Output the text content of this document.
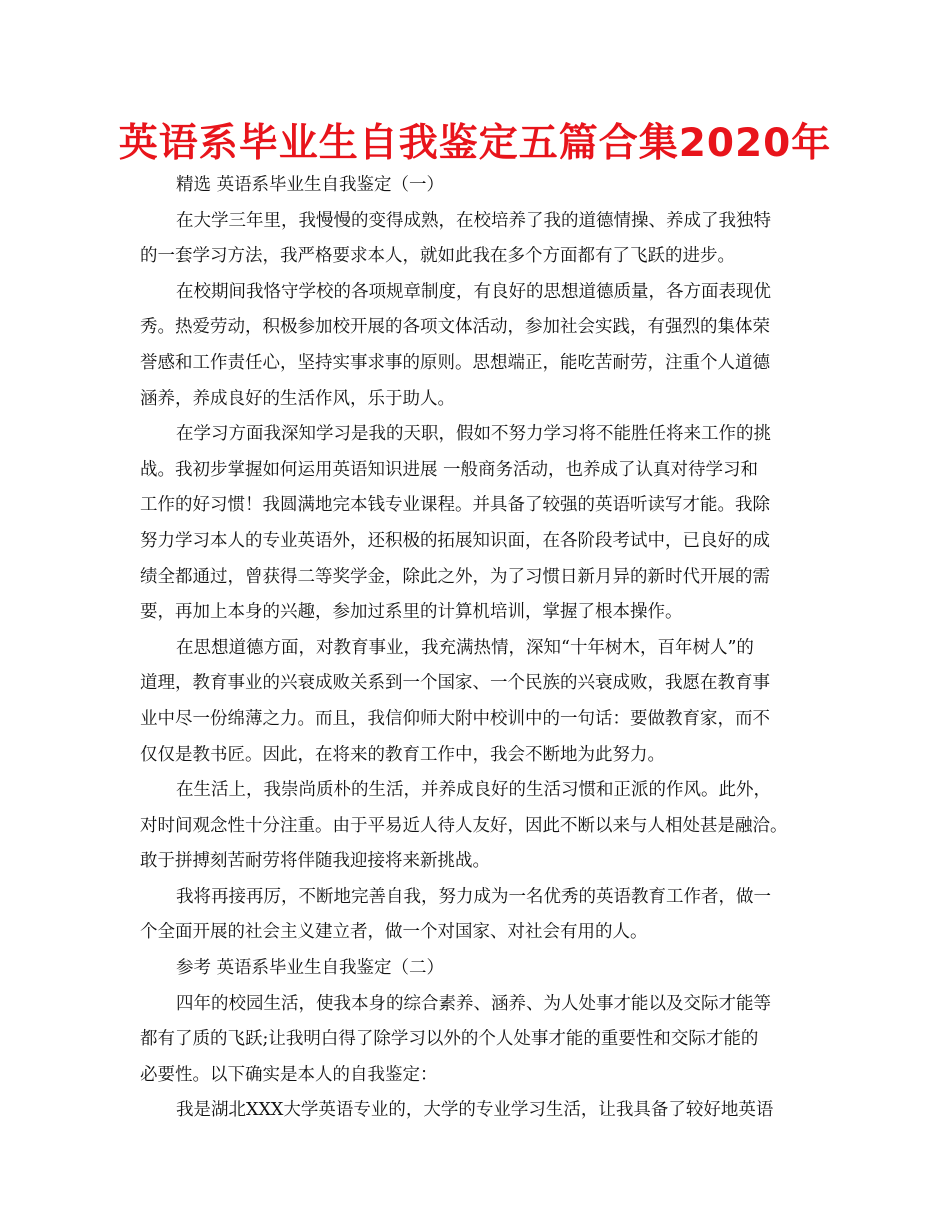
英语系毕业生自我鉴定五篇合集2020年
精选 英语系毕业生自我鉴定（一）
在大学三年里，我慢慢的变得成熟，在校培养了我的道德情操、养成了我独特
的一套学习方法，我严格要求本人，就如此我在多个方面都有了飞跃的进步。
在校期间我恪守学校的各项规章制度，有良好的思想道德质量，各方面表现优
秀。热爱劳动，积极参加校开展的各项文体活动，参加社会实践，有强烈的集体荣
誉感和工作责任心，坚持实事求事的原则。思想端正，能吃苦耐劳，注重个人道德
涵养，养成良好的生活作风，乐于助人。
在学习方面我深知学习是我的天职，假如不努力学习将不能胜任将来工作的挑
战。我初步掌握如何运用英语知识进展 一般商务活动，也养成了认真对待学习和
工作的好习惯！我圆满地完本钱专业课程。并具备了较强的英语听读写才能。我除
努力学习本人的专业英语外，还积极的拓展知识面，在各阶段考试中，已良好的成
绩全都通过，曾获得二等奖学金，除此之外，为了习惯日新月异的新时代开展的需
要，再加上本身的兴趣，参加过系里的计算机培训，掌握了根本操作。
在思想道德方面，对教育事业，我充满热情，深知“十年树木，百年树人”的
道理，教育事业的兴衰成败关系到一个国家、一个民族的兴衰成败，我愿在教育事
业中尽一份绵薄之力。而且，我信仰师大附中校训中的一句话：要做教育家，而不
仅仅是教书匠。因此，在将来的教育工作中，我会不断地为此努力。
在生活上，我崇尚质朴的生活，并养成良好的生活习惯和正派的作风。此外，
对时间观念性十分注重。由于平易近人待人友好，因此不断以来与人相处甚是融洽。
敢于拼搏刻苦耐劳将伴随我迎接将来新挑战。
我将再接再厉，不断地完善自我，努力成为一名优秀的英语教育工作者，做一
个全面开展的社会主义建立者，做一个对国家、对社会有用的人。
参考 英语系毕业生自我鉴定（二）
四年的校园生活，使我本身的综合素养、涵养、为人处事才能以及交际才能等
都有了质的飞跃;让我明白得了除学习以外的个人处事才能的重要性和交际才能的
必要性。以下确实是本人的自我鉴定：
我是湖北XXX大学英语专业的，大学的专业学习生活，让我具备了较好地英语
